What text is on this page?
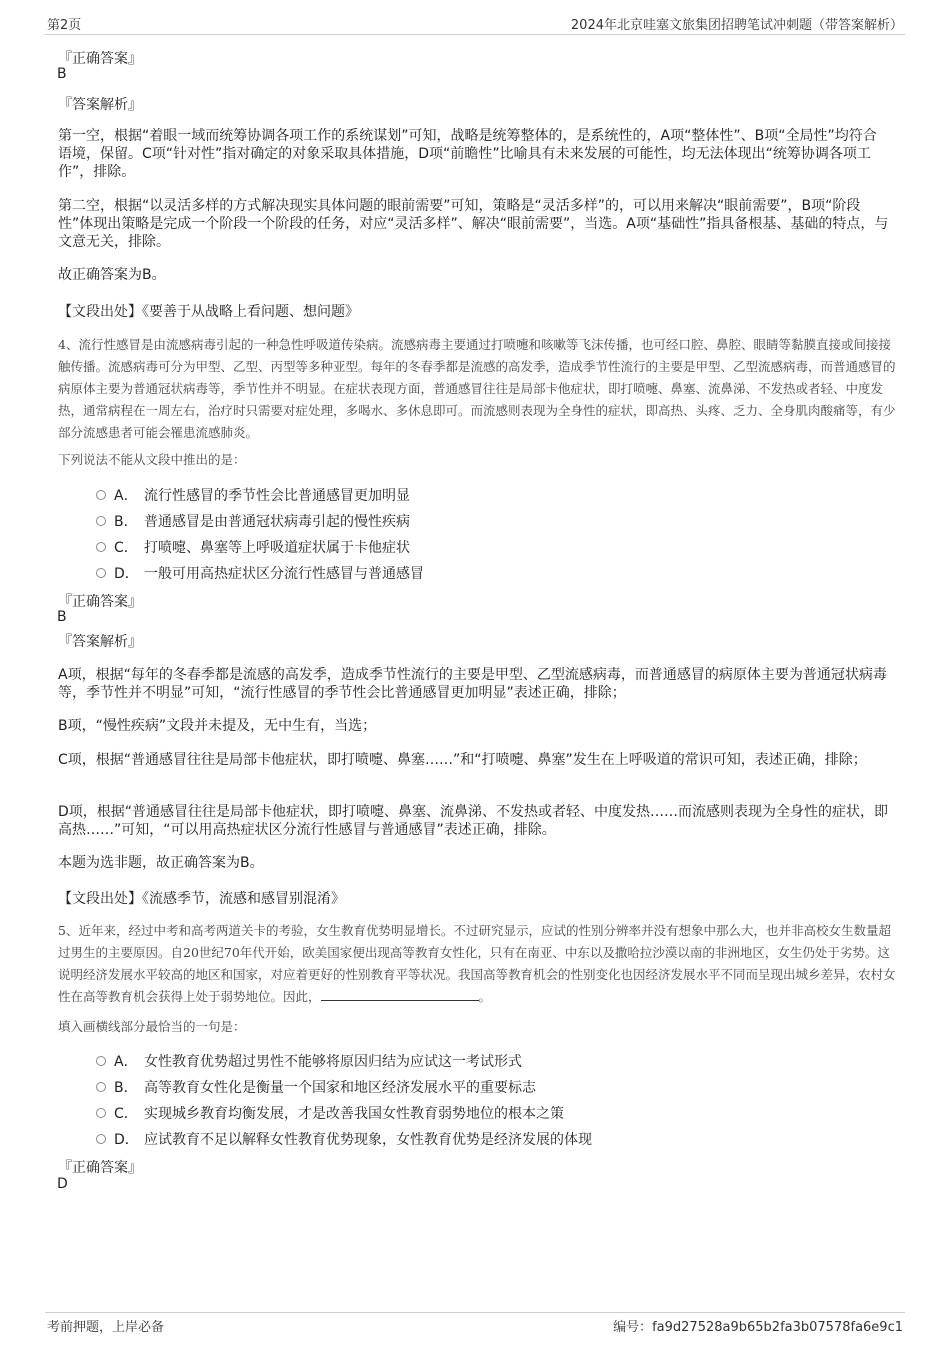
第2页	2024年北京哇塞文旅集团招聘笔试冲刺题（带答案解析）
『正确答案』
B
『答案解析』
第一空，根据“着眼一域而统筹协调各项工作的系统谋划”可知，战略是统筹整体的，是系统性的，A项“整体性”、B项“全局性”均符合语境，保留。C项“针对性”指对确定的对象采取具体措施，D项“前瞻性”比喻具有未来发展的可能性，均无法体现出“统筹协调各项工作”，排除。
第二空，根据“以灵活多样的方式解决现实具体问题的眼前需要”可知，策略是“灵活多样”的，可以用来解决“眼前需要”，B项“阶段性”体现出策略是完成一个阶段一个阶段的任务，对应“灵活多样”、解决“眼前需要”，当选。A项“基础性”指具备根基、基础的特点，与文意无关，排除。
故正确答案为B。
【文段出处】《要善于从战略上看问题、想问题》
4、流行性感冒是由流感病毒引起的一种急性呼吸道传染病。流感病毒主要通过打喷嚏和咳嗽等飞沫传播，也可经口腔、鼻腔、眼睛等黏膜直接或间接接触传播。流感病毒可分为甲型、乙型、丙型等多种亚型。每年的冬春季都是流感的高发季，造成季节性流行的主要是甲型、乙型流感病毒，而普通感冒的病原体主要为普通冠状病毒等，季节性并不明显。在症状表现方面，普通感冒往往是局部卡他症状，即打喷嚏、鼻塞、流鼻涕、不发热或者轻、中度发热，通常病程在一周左右，治疗时只需要对症处理，多喝水、多休息即可。而流感则表现为全身性的症状，即高热、头疼、乏力、全身肌肉酸痛等，有少部分流感患者可能会罹患流感肺炎。
下列说法不能从文段中推出的是：
A． 流行性感冒的季节性会比普通感冒更加明显
B． 普通感冒是由普通冠状病毒引起的慢性疾病
C． 打喷嚏、鼻塞等上呼吸道症状属于卡他症状
D． 一般可用高热症状区分流行性感冒与普通感冒
『正确答案』
B
『答案解析』
A项，根据“每年的冬春季都是流感的高发季，造成季节性流行的主要是甲型、乙型流感病毒，而普通感冒的病原体主要为普通冠状病毒等，季节性并不明显”可知，“流行性感冒的季节性会比普通感冒更加明显”表述正确，排除；
B项，“慢性疾病”文段并未提及，无中生有，当选；
C项，根据“普通感冒往往是局部卡他症状，即打喷嚏、鼻塞……”和“打喷嚏、鼻塞”发生在上呼吸道的常识可知，表述正确，排除；
D项，根据“普通感冒往往是局部卡他症状，即打喷嚏、鼻塞、流鼻涕、不发热或者轻、中度发热……而流感则表现为全身性的症状，即高热……”可知，“可以用高热症状区分流行性感冒与普通感冒”表述正确，排除。
本题为选非题，故正确答案为B。
【文段出处】《流感季节，流感和感冒别混淆》
5、近年来，经过中考和高考两道关卡的考验，女生教育优势明显增长。不过研究显示，应试的性别分辨率并没有想象中那么大，也并非高校女生数量超过男生的主要原因。自20世纪70年代开始，欧美国家便出现高等教育女性化，只有在南亚、中东以及撒哈拉沙漠以南的非洲地区，女生仍处于劣势。这说明经济发展水平较高的地区和国家，对应着更好的性别教育平等状况。我国高等教育机会的性别变化也因经济发展水平不同而呈现出城乡差异，农村女性在高等教育机会获得上处于弱势地位。因此，	。
填入画横线部分最恰当的一句是：
A． 女性教育优势超过男性不能够将原因归结为应试这一考试形式
B． 高等教育女性化是衡量一个国家和地区经济发展水平的重要标志
C． 实现城乡教育均衡发展，才是改善我国女性教育弱势地位的根本之策
D． 应试教育不足以解释女性教育优势现象，女性教育优势是经济发展的体现
『正确答案』
D
考前押题，上岸必备	编号：fa9d27528a9b65b2fa3b07578fa6e9c1
